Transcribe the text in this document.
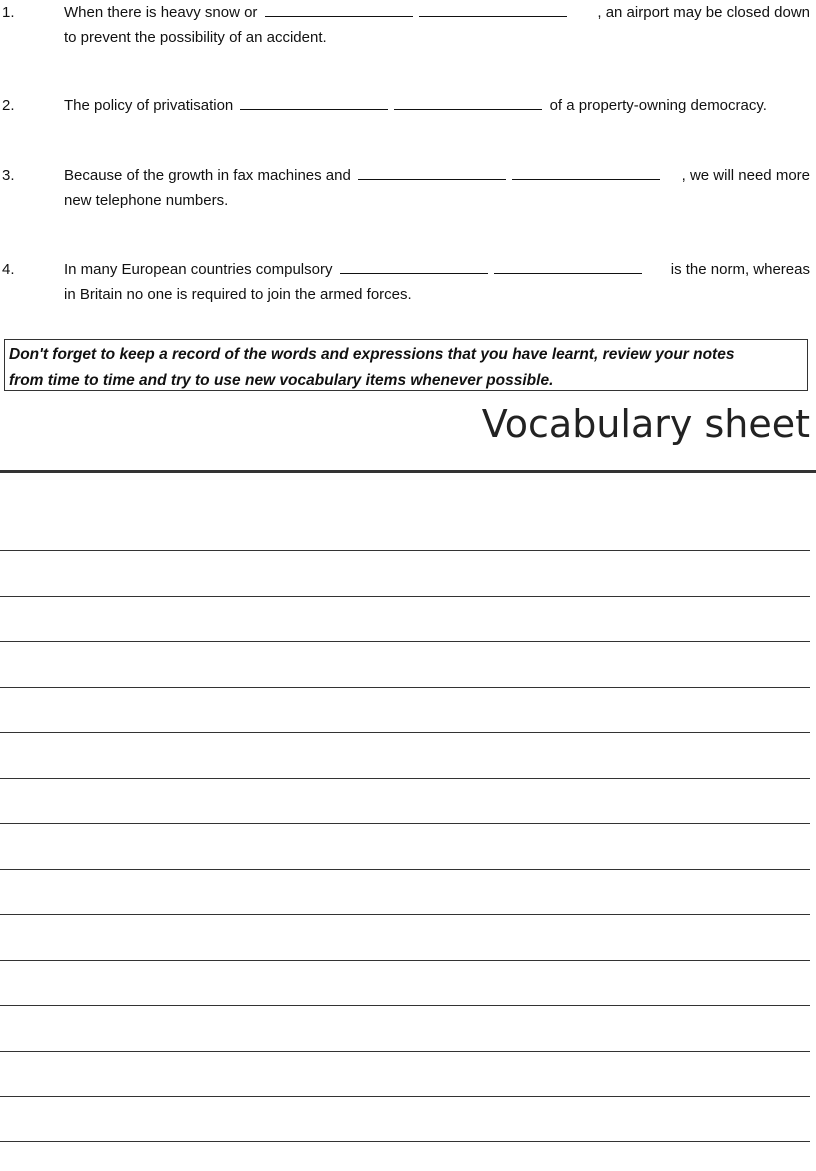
1.	When there is heavy snow or	, an airport may be closed down
to prevent the possibility of an accident.
2.	The policy of privatisation	of a property-owning democracy.
3.	Because of the growth in fax machines and	, we will need more
new telephone numbers.
4.	In many European countries compulsory	is the norm, whereas
in Britain no one is required to join the armed forces.
Don't forget to keep a record of the words and expressions that you have learnt, review your notes
from time to time and try to use new vocabulary items whenever possible.
Vocabulary sheet
